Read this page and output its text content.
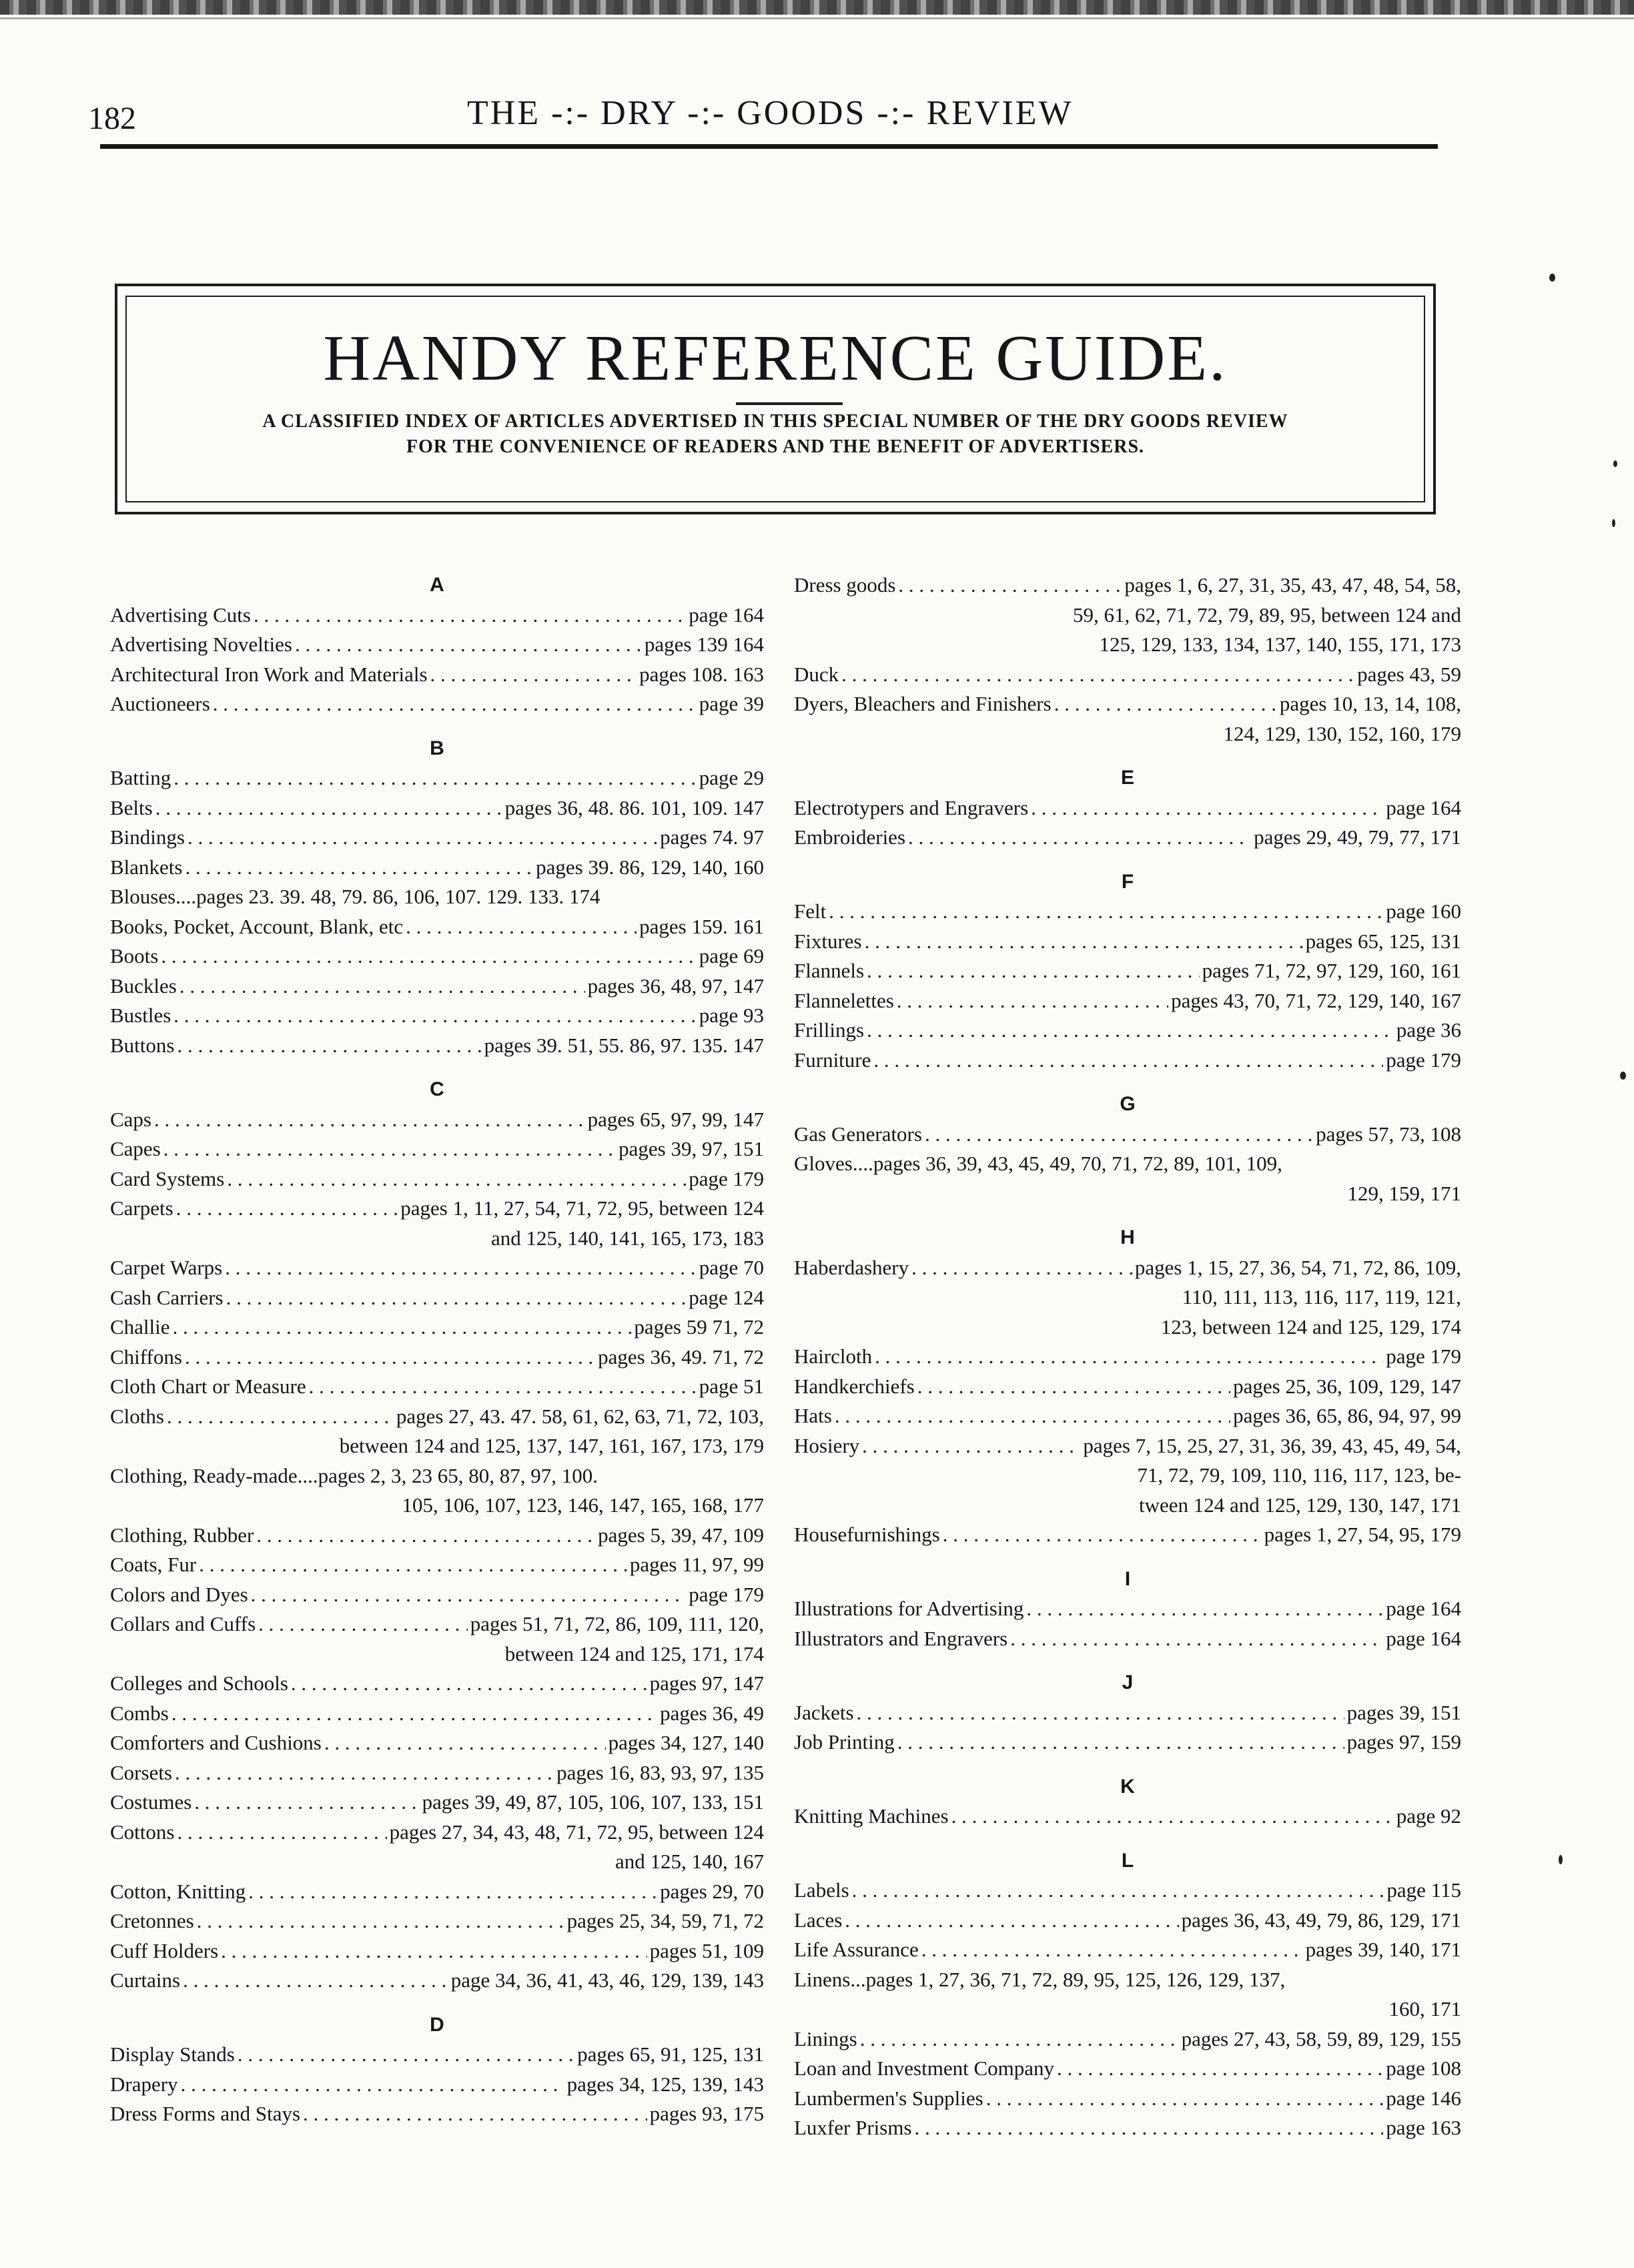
182	THE -:- DRY -:- GOODS -:- REVIEW
HANDY REFERENCE GUIDE.
A CLASSIFIED INDEX OF ARTICLES ADVERTISED IN THIS SPECIAL NUMBER OF THE DRY GOODS REVIEW
FOR THE CONVENIENCE OF READERS AND THE BENEFIT OF ADVERTISERS.
A
Advertising Cuts . . .	page 164
Advertising Novelties . . .	pages 139 164
Architectural Iron Work and Materials . . .	pages 108. 163
Auctioneers . . .	page 39
B
Batting . . .	page 29
Belts . . .	pages 36, 48. 86. 101, 109. 147
Bindings . . .	pages 74. 97
Blankets . . .	pages 39. 86, 129, 140, 160
Blouses....pages 23. 39. 48, 79. 86, 106, 107. 129. 133. 174
Books, Pocket, Account, Blank, etc . . .	pages 159. 161
Boots . . .	page 69
Buckles . . .	pages 36, 48, 97, 147
Bustles . . .	page 93
Buttons . . .	pages 39. 51, 55. 86, 97. 135. 147
C
Caps . . .	pages 65, 97, 99, 147
Capes . . .	pages 39, 97, 151
Card Systems . . .	page 179
Carpets . . .	pages 1, 11, 27, 54, 71, 72, 95, between 124
and 125, 140, 141, 165, 173, 183
Carpet Warps . . .	page 70
Cash Carriers . . .	page 124
Challie . . .	pages 59 71, 72
Chiffons . . .	pages 36, 49. 71, 72
Cloth Chart or Measure . . .	page 51
Cloths . . .	pages 27, 43. 47. 58, 61, 62, 63, 71, 72, 103,
between 124 and 125, 137, 147, 161, 167, 173, 179
Clothing, Ready-made....pages 2, 3, 23 65, 80, 87, 97, 100.
105, 106, 107, 123, 146, 147, 165, 168, 177
Clothing, Rubber . . .	pages 5, 39, 47, 109
Coats, Fur . . .	pages 11, 97, 99
Colors and Dyes . . .	page 179
Collars and Cuffs . . .	pages 51, 71, 72, 86, 109, 111, 120,
between 124 and 125, 171, 174
Colleges and Schools . . .	pages 97, 147
Combs . . .	pages 36, 49
Comforters and Cushions . . .	pages 34, 127, 140
Corsets . . .	pages 16, 83, 93, 97, 135
Costumes . . .	pages 39, 49, 87, 105, 106, 107, 133, 151
Cottons . . .	pages 27, 34, 43, 48, 71, 72, 95, between 124
and 125, 140, 167
Cotton, Knitting . . .	pages 29, 70
Cretonnes . . .	pages 25, 34, 59, 71, 72
Cuff Holders . . .	pages 51, 109
Curtains . . .	page 34, 36, 41, 43, 46, 129, 139, 143
D
Display Stands . . .	pages 65, 91, 125, 131
Drapery . . .	pages 34, 125, 139, 143
Dress Forms and Stays . . .	pages 93, 175
Dress goods . . .	pages 1, 6, 27, 31, 35, 43, 47, 48, 54, 58,
59, 61, 62, 71, 72, 79, 89, 95, between 124 and
125, 129, 133, 134, 137, 140, 155, 171, 173
Duck . . .	pages 43, 59
Dyers, Bleachers and Finishers . . .	pages 10, 13, 14, 108,
124, 129, 130, 152, 160, 179
E
Electrotypers and Engravers . . .	page 164
Embroideries . . .	pages 29, 49, 79, 77, 171
F
Felt . . .	page 160
Fixtures . . .	pages 65, 125, 131
Flannels . . .	pages 71, 72, 97, 129, 160, 161
Flannelettes . . .	pages 43, 70, 71, 72, 129, 140, 167
Frillings . . .	page 36
Furniture . . .	page 179
G
Gas Generators . . .	pages 57, 73, 108
Gloves....pages 36, 39, 43, 45, 49, 70, 71, 72, 89, 101, 109,
129, 159, 171
H
Haberdashery . . .	pages 1, 15, 27, 36, 54, 71, 72, 86, 109,
110, 111, 113, 116, 117, 119, 121,
123, between 124 and 125, 129, 174
Haircloth . . .	page 179
Handkerchiefs . . .	pages 25, 36, 109, 129, 147
Hats . . .	pages 36, 65, 86, 94, 97, 99
Hosiery . . .	pages 7, 15, 25, 27, 31, 36, 39, 43, 45, 49, 54,
71, 72, 79, 109, 110, 116, 117, 123, be-
tween 124 and 125, 129, 130, 147, 171
Housefurnishings . . .	pages 1, 27, 54, 95, 179
I
Illustrations for Advertising . . .	page 164
Illustrators and Engravers . . .	page 164
J
Jackets . . .	pages 39, 151
Job Printing . . .	pages 97, 159
K
Knitting Machines . . .	page 92
L
Labels . . .	page 115
Laces . . .	pages 36, 43, 49, 79, 86, 129, 171
Life Assurance . . .	pages 39, 140, 171
Linens...pages 1, 27, 36, 71, 72, 89, 95, 125, 126, 129, 137,
160, 171
Linings . . .	pages 27, 43, 58, 59, 89, 129, 155
Loan and Investment Company . . .	page 108
Lumbermen's Supplies . . .	page 146
Luxfer Prisms . . .	page 163
